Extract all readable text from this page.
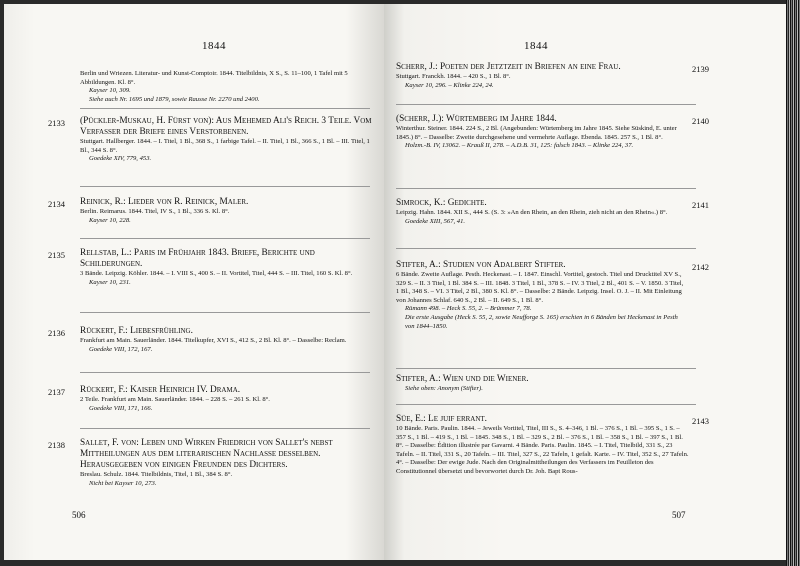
1844
Berlin und Wriezen. Literatur- und Kunst-Comptoir. 1844. Titelbildnis, X S., S. 11–100, 1 Tafel mit 5 Abbildungen. Kl. 8°.
Kayser 10, 309.
Siehe auch Nr. 1695 und 1879, sowie Rausse Nr. 2270 und 2400.
2133 (Pückler-Muskau, H. Fürst von): Aus Mehemed Ali's Reich. 3 Teile. Vom Verfasser der Briefe eines Verstorbenen.
Stuttgart. Hallberger. 1844. – I. Titel, 1 Bl., 368 S., 1 farbige Tafel. – II. Titel, 1 Bl., 366 S., 1 Bl. – III. Titel, 1 Bl., 344 S. 8°.
Goedeke XIV, 779, 453.
2134 Reinick, R.: Lieder von R. Reinick, Maler.
Berlin. Reimarus. 1844. Titel, IV S., 1 Bl., 336 S. Kl. 8°.
Kayser 10, 228.
2135 Rellstab, L.: Paris im Frühjahr 1843. Briefe, Berichte und Schilderungen.
3 Bände. Leipzig. Köhler. 1844. – I. VIII S., 400 S. – II. Vortitel, Titel, 444 S. – III. Titel, 160 S. Kl. 8°.
Kayser 10, 231.
2136 Rückert, F.: Liebesfrühling.
Frankfurt am Main. Sauerländer. 1844. Titelkupfer, XVI S., 412 S., 2 Bl. Kl. 8°. – Dasselbe: Reclam.
Goedeke VIII, 172, 167.
2137 Rückert, F.: Kaiser Heinrich IV. Drama.
2 Teile. Frankfurt am Main. Sauerländer. 1844. – 228 S. – 261 S. Kl. 8°.
Goedeke VIII, 171, 166.
2138 Sallet, F. von: Leben und Wirken Friedrich von Sallet's nebst Mittheilungen aus dem literarischen Nachlasse desselben. Herausgegeben von einigen Freunden des Dichters.
Breslau. Schulz. 1844. Titelbildnis, Titel, 1 Bl., 384 S. 8°.
Nicht bei Kayser 10, 273.
506
1844
2139
Scherr, J.: Poeten der Jetztzeit in Briefen an eine Frau.
Stuttgart. Franckh. 1844. – 420 S., 1 Bl. 8°.
Kayser 10, 296. – Klinke 224, 24.
2140
(Scherr, J.): Würtemberg im Jahre 1844.
Winterthur. Steiner. 1844. 224 S., 2 Bl. (Angebunden: Würtemberg im Jahre 1845. Siehe Süskind, E. unter 1845.) 8°. – Dasselbe: Zweite durchgesehene und vermehrte Auflage. Ebenda. 1845. 257 S., 1 Bl. 8°.
Holzm.-B. IV, 13062. – Krauß II, 278. – A.D.B. 31, 125: falsch 1843. – Klinke 224, 37.
2141
Simrock, K.: Gedichte.
Leipzig. Hahn. 1844. XII S., 444 S. (S. 3: »An den Rhein, an den Rhein, zieh nicht an den Rhein«.) 8°.
Goedeke XIII, 567, 41.
2142
Stifter, A.: Studien von Adalbert Stifter.
6 Bände. Zweite Auflage. Pesth. Heckenast. – I. 1847. Einschl. Vortitel, gestoch. Titel und Drucktitel XV S., 329 S. – II. 3 Titel, 1 Bl. 384 S. – III. 1848. 3 Titel, 1 Bl., 378 S. – IV. 3 Titel, 2 Bl., 401 S. – V. 1850. 3 Titel, 1 Bl., 348 S. – VI. 3 Titel, 2 Bl., 380 S. Kl. 8°. – Dasselbe: 2 Bände. Leipzig. Insel. O. J. – II. Mit Einleitung von Johannes Schlaf. 640 S., 2 Bl. – II. 649 S., 1 Bl. 8°.
Rümann 498. – Heck S. 55, 2. – Brümmer 7, 78.
Die erste Ausgabe (Heck S. 55, 2, sowie Neufforge S. 165) erschien in 6 Bänden bei Heckenast in Pesth von 1844–1850.
Stifter, A.: Wien und die Wiener.
Siehe oben: Anonym (Stifter).
2143
Süe, E.: Le juif errant.
10 Bände. Paris. Paulin. 1844. – Jeweils Vortitel, Titel, III S., S. 4–346, 1 Bl. – 376 S., 1 Bl. – 395 S., 1 S. – 357 S., 1 Bl. – 419 S., 1 Bl. – 1845. 348 S., 1 Bl. – 329 S., 2 Bl. – 376 S., 1 Bl. – 358 S., 1 Bl. – 397 S., 1 Bl. 8°. – Dasselbe: Édition illustrée par Gavarni. 4 Bände. Paris. Paulin. 1845. – I. Titel, Titelbild, 331 S., 23 Tafeln. – II. Titel, 331 S., 20 Tafeln. – III. Titel, 327 S., 22 Tafeln, 1 gefalt. Karte. – IV. Titel, 352 S., 27 Tafeln. 4°. – Dasselbe: Der ewige Jude. Nach den Originalmittheilungen des Verfassers im Feuilleton des Constitutionnel übersetzt und bevorwortet durch Dr. Joh. Bapt Rous-
507
